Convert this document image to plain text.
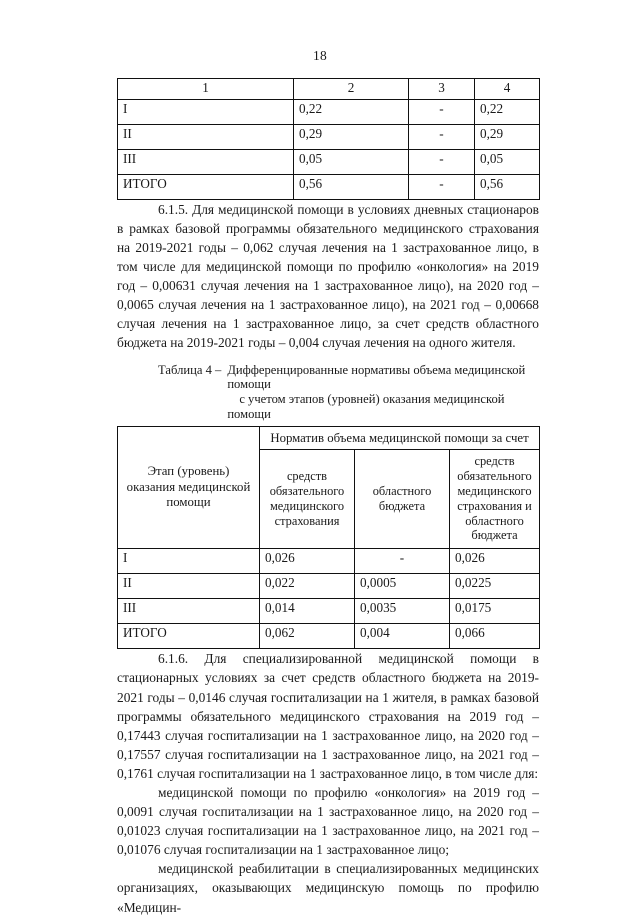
18
1	2	3	4
I	0,22	-	0,22
II	0,29	-	0,29
III	0,05	-	0,05
ИТОГО	0,56	-	0,56

6.1.5. Для медицинской помощи в условиях дневных стационаров в рамках базовой программы обязательного медицинского страхования на 2019-2021 годы – 0,062 случая лечения на 1 застрахованное лицо, в том числе для медицинской помощи по профилю «онкология» на 2019 год – 0,00631 случая лечения на 1 застрахованное лицо), на 2020 год – 0,0065 случая лечения на 1 застрахованное лицо), на 2021 год – 0,00668 случая лечения на 1 застрахованное лицо, за счет средств областного бюджета на 2019-2021 годы – 0,004 случая лечения на одного жителя.

Таблица 4 – Дифференцированные нормативы объема медицинской помощи
с учетом этапов (уровней) оказания медицинской помощи
Этап (уровень) оказания медицинской помощи	Норматив объема медицинской помощи за счет		
	средств обязательного медицинского страхования	областного бюджета	средств обязательного медицинского страхования и областного бюджета
I	0,026	-	0,026
II	0,022	0,0005	0,0225
III	0,014	0,0035	0,0175
ИТОГО	0,062	0,004	0,066

6.1.6. Для специализированной медицинской помощи в стационарных условиях за счет средств областного бюджета на 2019-2021 годы – 0,0146 случая госпитализации на 1 жителя, в рамках базовой программы обязательного медицинского страхования на 2019 год – 0,17443 случая госпитализации на 1 застрахованное лицо, на 2020 год – 0,17557 случая госпитализации на 1 застрахованное лицо, на 2021 год – 0,1761 случая госпитализации на 1 застрахованное лицо, в том числе для:

медицинской помощи по профилю «онкология» на 2019 год – 0,0091 случая госпитализации на 1 застрахованное лицо, на 2020 год – 0,01023 случая госпитализации на 1 застрахованное лицо, на 2021 год – 0,01076 случая госпитализации на 1 застрахованное лицо;

медицинской реабилитации в специализированных медицинских организациях, оказывающих медицинскую помощь по профилю «Медицин-
